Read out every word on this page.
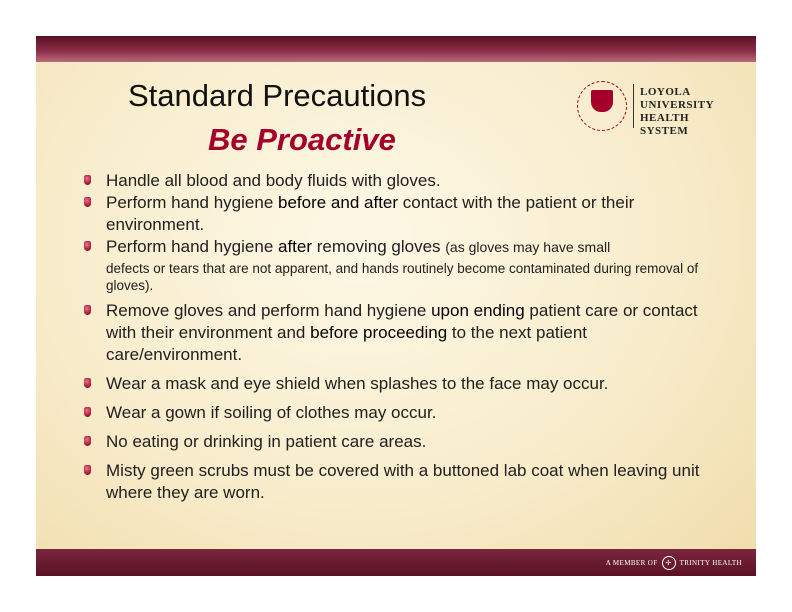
Standard Precautions
Be Proactive
LOYOLA
UNIVERSITY
HEALTH SYSTEM
Handle all blood and body fluids with gloves.
Perform hand hygiene before and after contact with the patient or their environment.
Perform hand hygiene after removing gloves (as gloves may have small
defects or tears that are not apparent, and hands routinely become contaminated during removal of gloves).
Remove gloves and perform hand hygiene upon ending patient care or contact with their environment and before proceeding to the next patient care/environment.
Wear a mask and eye shield when splashes to the face may occur.
Wear a gown if soiling of clothes may occur.
No eating or drinking in patient care areas.
Misty green scrubs must be covered with a buttoned lab coat when leaving unit where they are worn.
A MEMBER OF	✢	TRINITY HEALTH
